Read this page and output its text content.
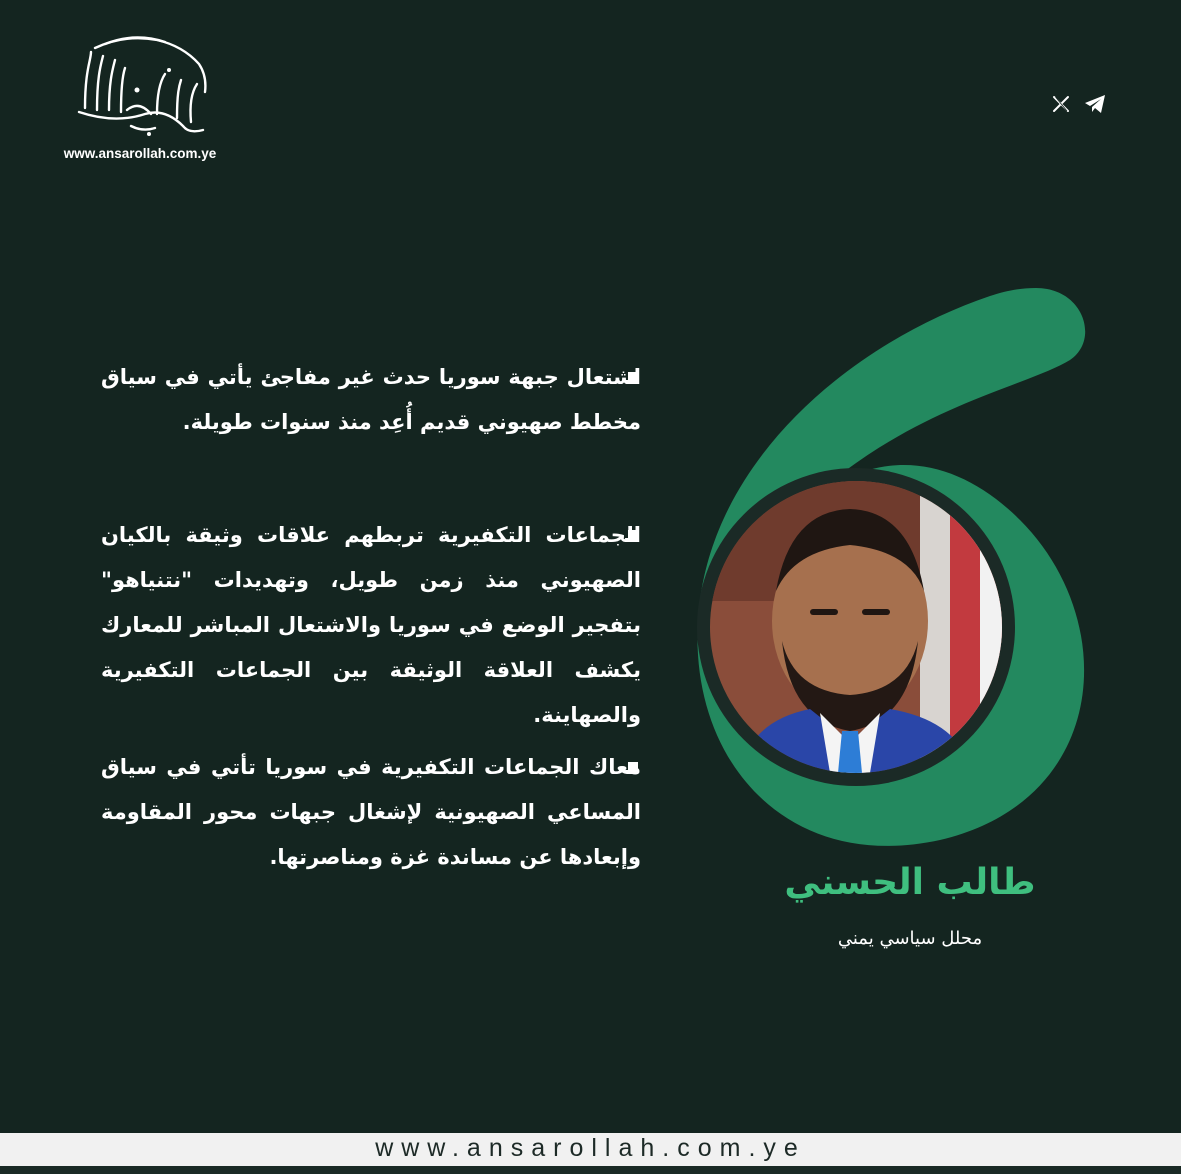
www.ansarollah.com.ye
طالب الحسني
محلل سياسي يمني
اشتعال جبهة سوريا حدث غير مفاجئ يأتي في سياق مخطط صهيوني قديم أُعِد منذ سنوات طويلة.
الجماعات التكفيرية تربطهم علاقات وثيقة بالكيان الصهيوني منذ زمن طويل، وتهديدات "نتنياهو" بتفجير الوضع في سوريا والاشتعال المباشر للمعارك يكشف العلاقة الوثيقة بين الجماعات التكفيرية والصهاينة.
معاك الجماعات التكفيرية في سوريا تأتي في سياق المساعي الصهيونية لإشغال جبهات محور المقاومة وإبعادها عن مساندة غزة ومناصرتها.
www.ansarollah.com.ye
